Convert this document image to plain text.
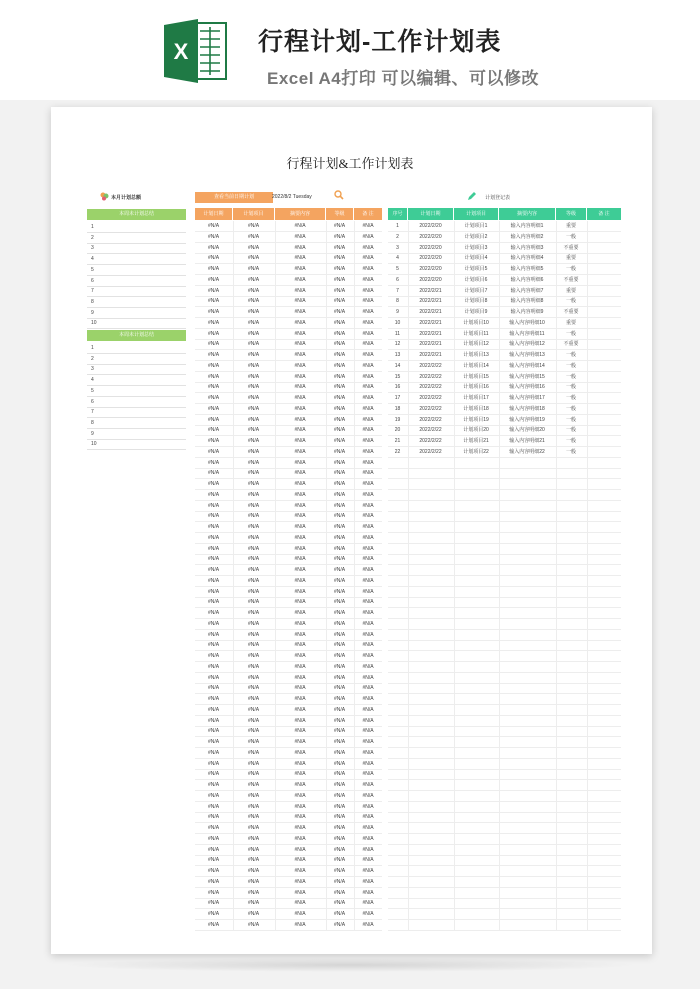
X	行程计划-工作计划表
Excel A4打印 可以编辑、可以修改
行程计划&工作计划表
本月计划总额
本周未计划总结
1
2
3
4
5
6
7
8
9
10
本周未计划总结
1
2
3
4
5
6
7
8
9
10
查看当前日期计划	2022/8/2 Tuesday
计划日期	计划项目	摘要内容	等级	备 注
#N/A	#N/A	#N/A	#N/A	#N/A
#N/A	#N/A	#N/A	#N/A	#N/A
#N/A	#N/A	#N/A	#N/A	#N/A
#N/A	#N/A	#N/A	#N/A	#N/A
#N/A	#N/A	#N/A	#N/A	#N/A
#N/A	#N/A	#N/A	#N/A	#N/A
#N/A	#N/A	#N/A	#N/A	#N/A
#N/A	#N/A	#N/A	#N/A	#N/A
#N/A	#N/A	#N/A	#N/A	#N/A
#N/A	#N/A	#N/A	#N/A	#N/A
#N/A	#N/A	#N/A	#N/A	#N/A
#N/A	#N/A	#N/A	#N/A	#N/A
#N/A	#N/A	#N/A	#N/A	#N/A
#N/A	#N/A	#N/A	#N/A	#N/A
#N/A	#N/A	#N/A	#N/A	#N/A
#N/A	#N/A	#N/A	#N/A	#N/A
#N/A	#N/A	#N/A	#N/A	#N/A
#N/A	#N/A	#N/A	#N/A	#N/A
#N/A	#N/A	#N/A	#N/A	#N/A
#N/A	#N/A	#N/A	#N/A	#N/A
#N/A	#N/A	#N/A	#N/A	#N/A
#N/A	#N/A	#N/A	#N/A	#N/A
#N/A	#N/A	#N/A	#N/A	#N/A
#N/A	#N/A	#N/A	#N/A	#N/A
#N/A	#N/A	#N/A	#N/A	#N/A
#N/A	#N/A	#N/A	#N/A	#N/A
#N/A	#N/A	#N/A	#N/A	#N/A
#N/A	#N/A	#N/A	#N/A	#N/A
#N/A	#N/A	#N/A	#N/A	#N/A
#N/A	#N/A	#N/A	#N/A	#N/A
#N/A	#N/A	#N/A	#N/A	#N/A
#N/A	#N/A	#N/A	#N/A	#N/A
#N/A	#N/A	#N/A	#N/A	#N/A
#N/A	#N/A	#N/A	#N/A	#N/A
#N/A	#N/A	#N/A	#N/A	#N/A
#N/A	#N/A	#N/A	#N/A	#N/A
#N/A	#N/A	#N/A	#N/A	#N/A
#N/A	#N/A	#N/A	#N/A	#N/A
#N/A	#N/A	#N/A	#N/A	#N/A
#N/A	#N/A	#N/A	#N/A	#N/A
#N/A	#N/A	#N/A	#N/A	#N/A
#N/A	#N/A	#N/A	#N/A	#N/A
#N/A	#N/A	#N/A	#N/A	#N/A
#N/A	#N/A	#N/A	#N/A	#N/A
#N/A	#N/A	#N/A	#N/A	#N/A
#N/A	#N/A	#N/A	#N/A	#N/A
#N/A	#N/A	#N/A	#N/A	#N/A
#N/A	#N/A	#N/A	#N/A	#N/A
#N/A	#N/A	#N/A	#N/A	#N/A
#N/A	#N/A	#N/A	#N/A	#N/A
#N/A	#N/A	#N/A	#N/A	#N/A
#N/A	#N/A	#N/A	#N/A	#N/A
#N/A	#N/A	#N/A	#N/A	#N/A
#N/A	#N/A	#N/A	#N/A	#N/A
#N/A	#N/A	#N/A	#N/A	#N/A
#N/A	#N/A	#N/A	#N/A	#N/A
#N/A	#N/A	#N/A	#N/A	#N/A
#N/A	#N/A	#N/A	#N/A	#N/A
#N/A	#N/A	#N/A	#N/A	#N/A
#N/A	#N/A	#N/A	#N/A	#N/A
#N/A	#N/A	#N/A	#N/A	#N/A
#N/A	#N/A	#N/A	#N/A	#N/A
#N/A	#N/A	#N/A	#N/A	#N/A
#N/A	#N/A	#N/A	#N/A	#N/A
#N/A	#N/A	#N/A	#N/A	#N/A
#N/A	#N/A	#N/A	#N/A	#N/A
计划登记表
序号	计划日期	计划项目	摘要内容	等级	备 注
1	2022/2/20	计划项目1	输入内容明细1	重要
2	2022/2/20	计划项目2	输入内容明细2	一般
3	2022/2/20	计划项目3	输入内容明细3	不重要
4	2022/2/20	计划项目4	输入内容明细4	重要
5	2022/2/20	计划项目5	输入内容明细5	一般
6	2022/2/20	计划项目6	输入内容明细6	不重要
7	2022/2/21	计划项目7	输入内容明细7	重要
8	2022/2/21	计划项目8	输入内容明细8	一般
9	2022/2/21	计划项目9	输入内容明细9	不重要
10	2022/2/21	计划项目10	输入内容明细10	重要
11	2022/2/21	计划项目11	输入内容明细11	一般
12	2022/2/21	计划项目12	输入内容明细12	不重要
13	2022/2/21	计划项目13	输入内容明细13	一般
14	2022/2/22	计划项目14	输入内容明细14	一般
15	2022/2/22	计划项目15	输入内容明细15	一般
16	2022/2/22	计划项目16	输入内容明细16	一般
17	2022/2/22	计划项目17	输入内容明细17	一般
18	2022/2/22	计划项目18	输入内容明细18	一般
19	2022/2/22	计划项目19	输入内容明细19	一般
20	2022/2/22	计划项目20	输入内容明细20	一般
21	2022/2/22	计划项目21	输入内容明细21	一般
22	2022/2/22	计划项目22	输入内容明细22	一般
